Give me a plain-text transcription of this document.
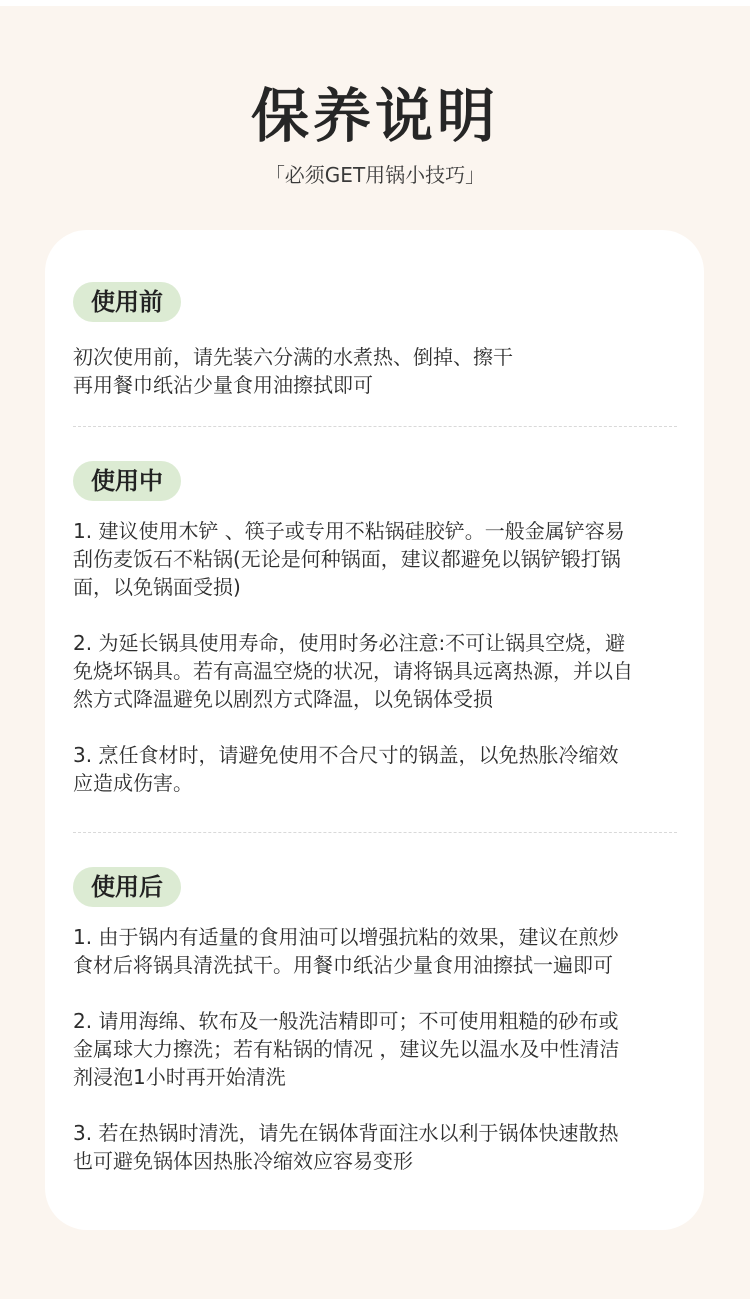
保养说明
「必须GET用锅小技巧」
使用前

初次使用前，请先装六分满的水煮热、倒掉、擦干
再用餐巾纸沾少量食用油擦拭即可

使用中

1. 建议使用木铲 、筷子或专用不粘锅硅胶铲。一般金属铲容易
刮伤麦饭石不粘锅(无论是何种锅面，建议都避免以锅铲锻打锅
面，以免锅面受损)

2. 为延长锅具使用寿命，使用时务必注意:不可让锅具空烧，避
免烧坏锅具。若有高温空烧的状况，请将锅具远离热源，并以自
然方式降温避免以剧烈方式降温，以免锅体受损

3. 烹任食材时，请避免使用不合尺寸的锅盖，以免热胀冷缩效
应造成伤害。

使用后

1. 由于锅内有适量的食用油可以增强抗粘的效果，建议在煎炒
食材后将锅具清洗拭干。用餐巾纸沾少量食用油擦拭一遍即可

2. 请用海绵、软布及一般洗洁精即可；不可使用粗糙的砂布或
金属球大力擦洗；若有粘锅的情况 ，建议先以温水及中性清洁
剂浸泡1小时再开始清洗

3. 若在热锅时清洗，请先在锅体背面注水以利于锅体快速散热
也可避免锅体因热胀冷缩效应容易变形
